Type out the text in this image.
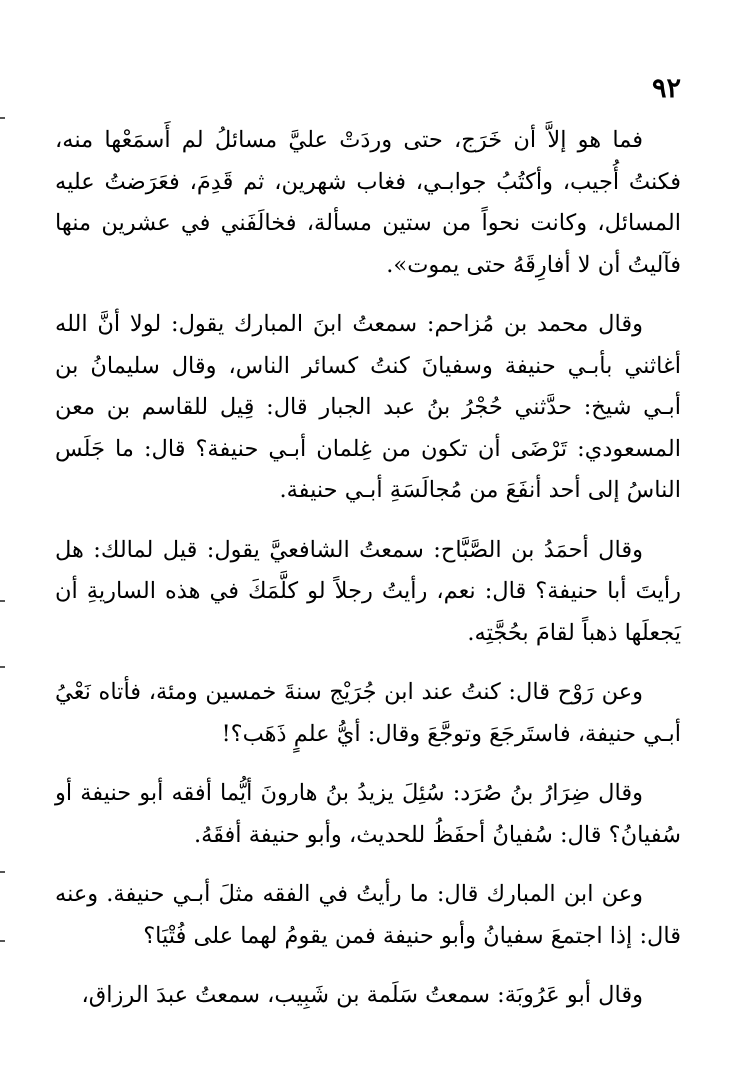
٩٢

فما هو إلاَّ أن خَرَج، حتى وردَتْ عليَّ مسائلُ لم أَسمَعْها منه، فكنتُ أُجيب، وأكتُبُ جوابـي، فغاب شهرين، ثم قَدِمَ، فعَرَضتُ عليه المسائل، وكانت نحواً من ستين مسألة، فخالَفَني في عشرين منها فآليتُ أن لا أفارِقَهُ حتى يموت».

وقال محمد بن مُزاحم: سمعتُ ابنَ المبارك يقول: لولا أنَّ الله أغاثني بأبـي حنيفة وسفيانَ كنتُ كسائر الناس، وقال سليمانُ بن أبـي شيخ: حدَّثني حُجْرُ بنُ عبد الجبار قال: قِيل للقاسم بن معن المسعودي: تَرْضَى أن تكون من غِلمان أبـي حنيفة؟ قال: ما جَلَس الناسُ إلى أحد أنفَعَ من مُجالَسَةِ أبـي حنيفة.

وقال أحمَدُ بن الصَّبَّاح: سمعتُ الشافعيَّ يقول: قيل لمالك: هل رأيتَ أبا حنيفة؟ قال: نعم، رأيتُ رجلاً لو كلَّمَكَ في هذه الساريةِ أن يَجعلَها ذهباً لقامَ بحُجَّتِه.

وعن رَوْح قال: كنتُ عند ابن جُرَيْج سنةَ خمسين ومئة، فأتاه نَعْيُ أبـي حنيفة، فاستَرجَعَ وتوجَّعَ وقال: أيُّ علمٍ ذَهَب؟!

وقال ضِرَارُ بنُ صُرَد: سُئِلَ يزيدُ بنُ هارونَ أيُّما أفقه أبو حنيفة أو سُفيانُ؟ قال: سُفيانُ أحفَظُ للحديث، وأبو حنيفة أفقَهُ.

وعن ابن المبارك قال: ما رأيتُ في الفقه مثلَ أبـي حنيفة. وعنه قال: إذا اجتمعَ سفيانُ وأبو حنيفة فمن يقومُ لهما على فُتْيَا؟

وقال أبو عَرُوبَة: سمعتُ سَلَمة بن شَبِيب، سمعتُ عبدَ الرزاق،
